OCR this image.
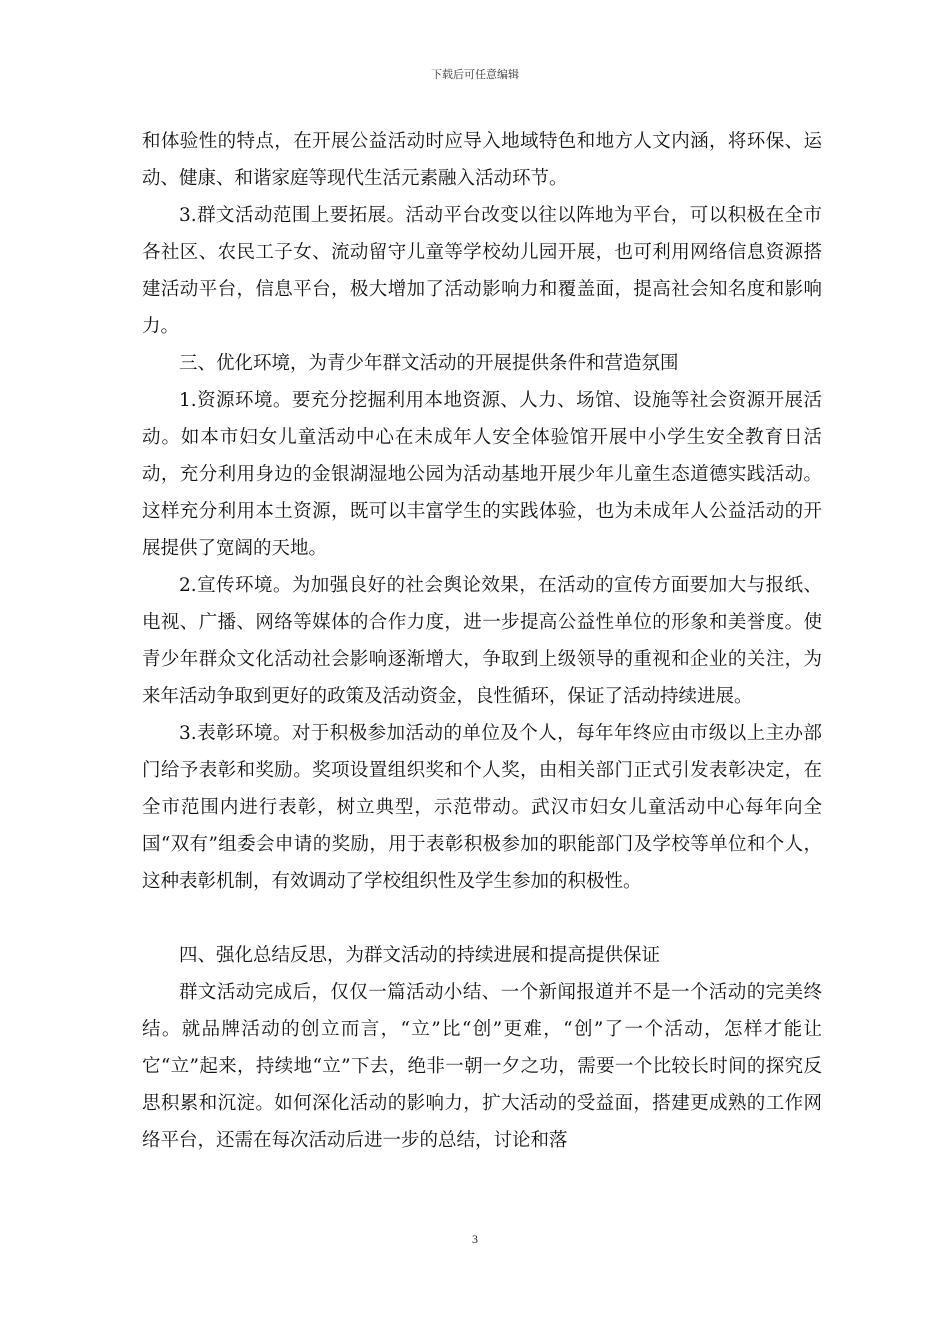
下载后可任意编辑

和体验性的特点，在开展公益活动时应导入地域特色和地方人文内涵，将环保、运动、健康、和谐家庭等现代生活元素融入活动环节。

3.群文活动范围上要拓展。活动平台改变以往以阵地为平台，可以积极在全市各社区、农民工子女、流动留守儿童等学校幼儿园开展，也可利用网络信息资源搭建活动平台，信息平台，极大增加了活动影响力和覆盖面，提高社会知名度和影响力。

三、优化环境，为青少年群文活动的开展提供条件和营造氛围

1.资源环境。要充分挖掘利用本地资源、人力、场馆、设施等社会资源开展活动。如本市妇女儿童活动中心在未成年人安全体验馆开展中小学生安全教育日活动，充分利用身边的金银湖湿地公园为活动基地开展少年儿童生态道德实践活动。这样充分利用本土资源，既可以丰富学生的实践体验，也为未成年人公益活动的开展提供了宽阔的天地。

2.宣传环境。为加强良好的社会舆论效果，在活动的宣传方面要加大与报纸、电视、广播、网络等媒体的合作力度，进一步提高公益性单位的形象和美誉度。使青少年群众文化活动社会影响逐渐增大，争取到上级领导的重视和企业的关注，为来年活动争取到更好的政策及活动资金，良性循环，保证了活动持续进展。

3.表彰环境。对于积极参加活动的单位及个人，每年年终应由市级以上主办部门给予表彰和奖励。奖项设置组织奖和个人奖，由相关部门正式引发表彰决定，在全市范围内进行表彰，树立典型，示范带动。武汉市妇女儿童活动中心每年向全国“双有”组委会申请的奖励，用于表彰积极参加的职能部门及学校等单位和个人，这种表彰机制，有效调动了学校组织性及学生参加的积极性。

四、强化总结反思，为群文活动的持续进展和提高提供保证

群文活动完成后，仅仅一篇活动小结、一个新闻报道并不是一个活动的完美终结。就品牌活动的创立而言，“立”比“创”更难，“创”了一个活动，怎样才能让它“立”起来，持续地“立”下去，绝非一朝一夕之功，需要一个比较长时间的探究反思积累和沉淀。如何深化活动的影响力，扩大活动的受益面，搭建更成熟的工作网络平台，还需在每次活动后进一步的总结，讨论和落

3
